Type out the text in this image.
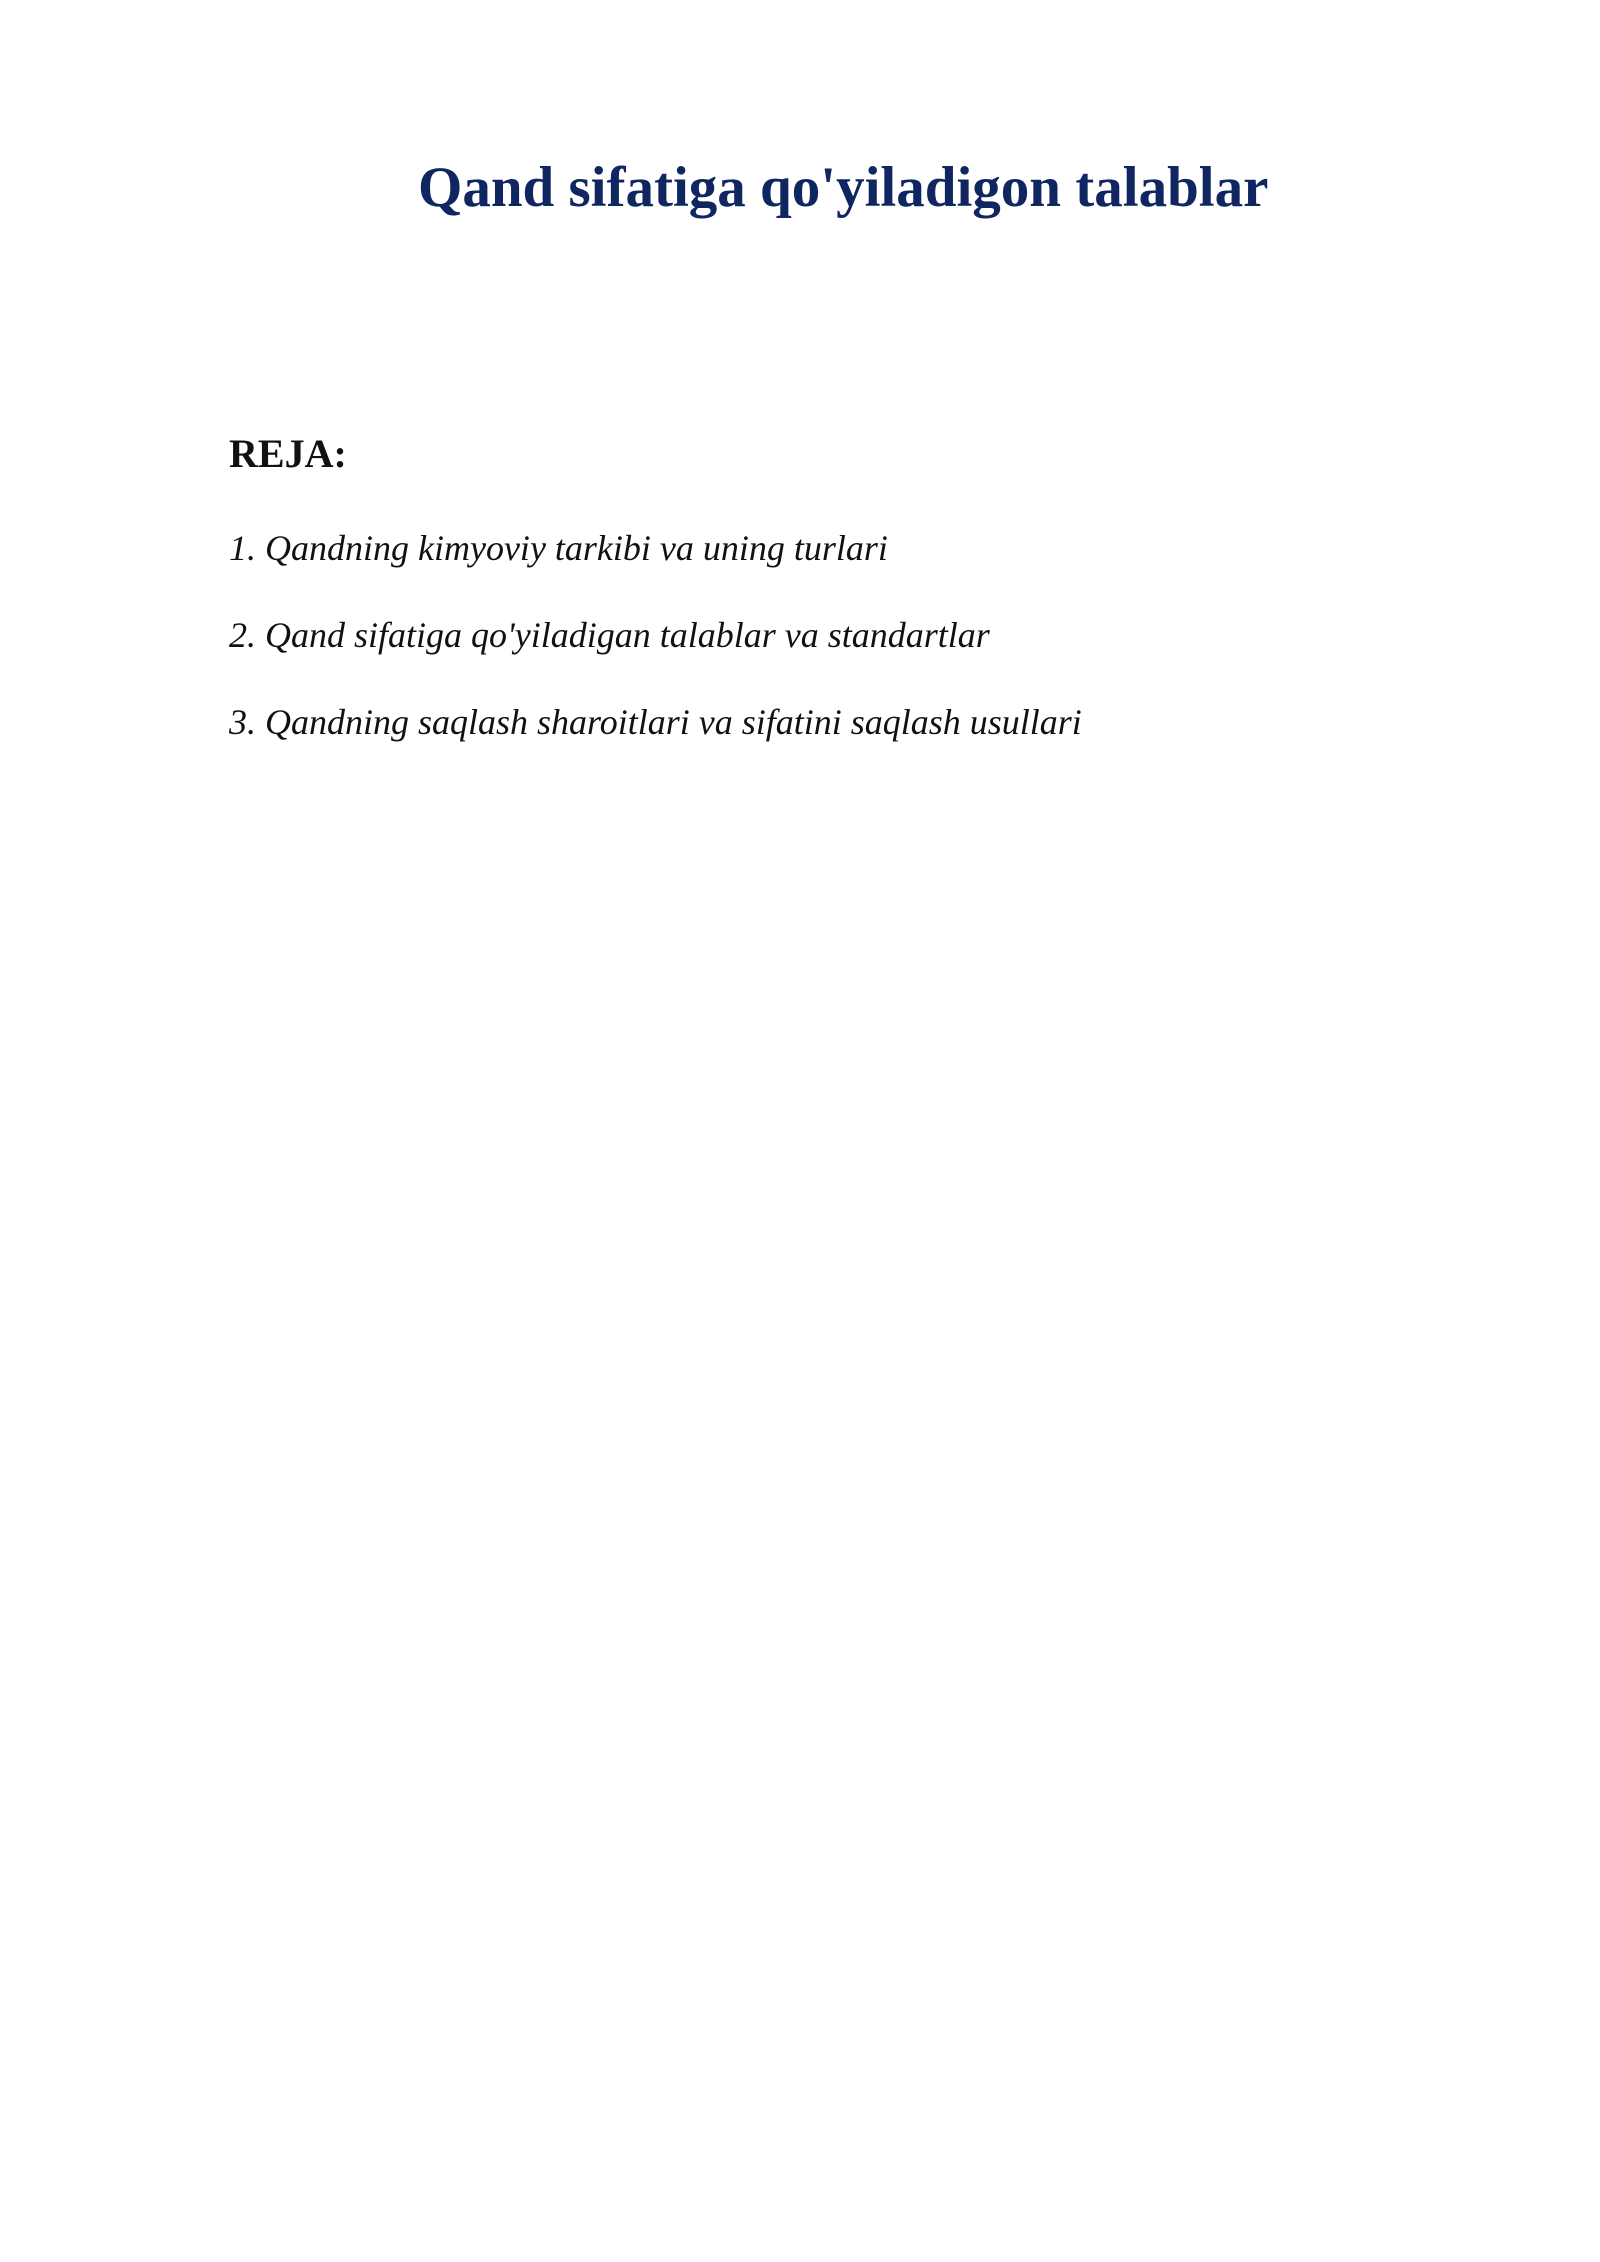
Qand sifatiga qo'yiladigon talablar
REJA:
1. Qandning kimyoviy tarkibi va uning turlari
2. Qand sifatiga qo'yiladigan talablar va standartlar
3. Qandning saqlash sharoitlari va sifatini saqlash usullari
